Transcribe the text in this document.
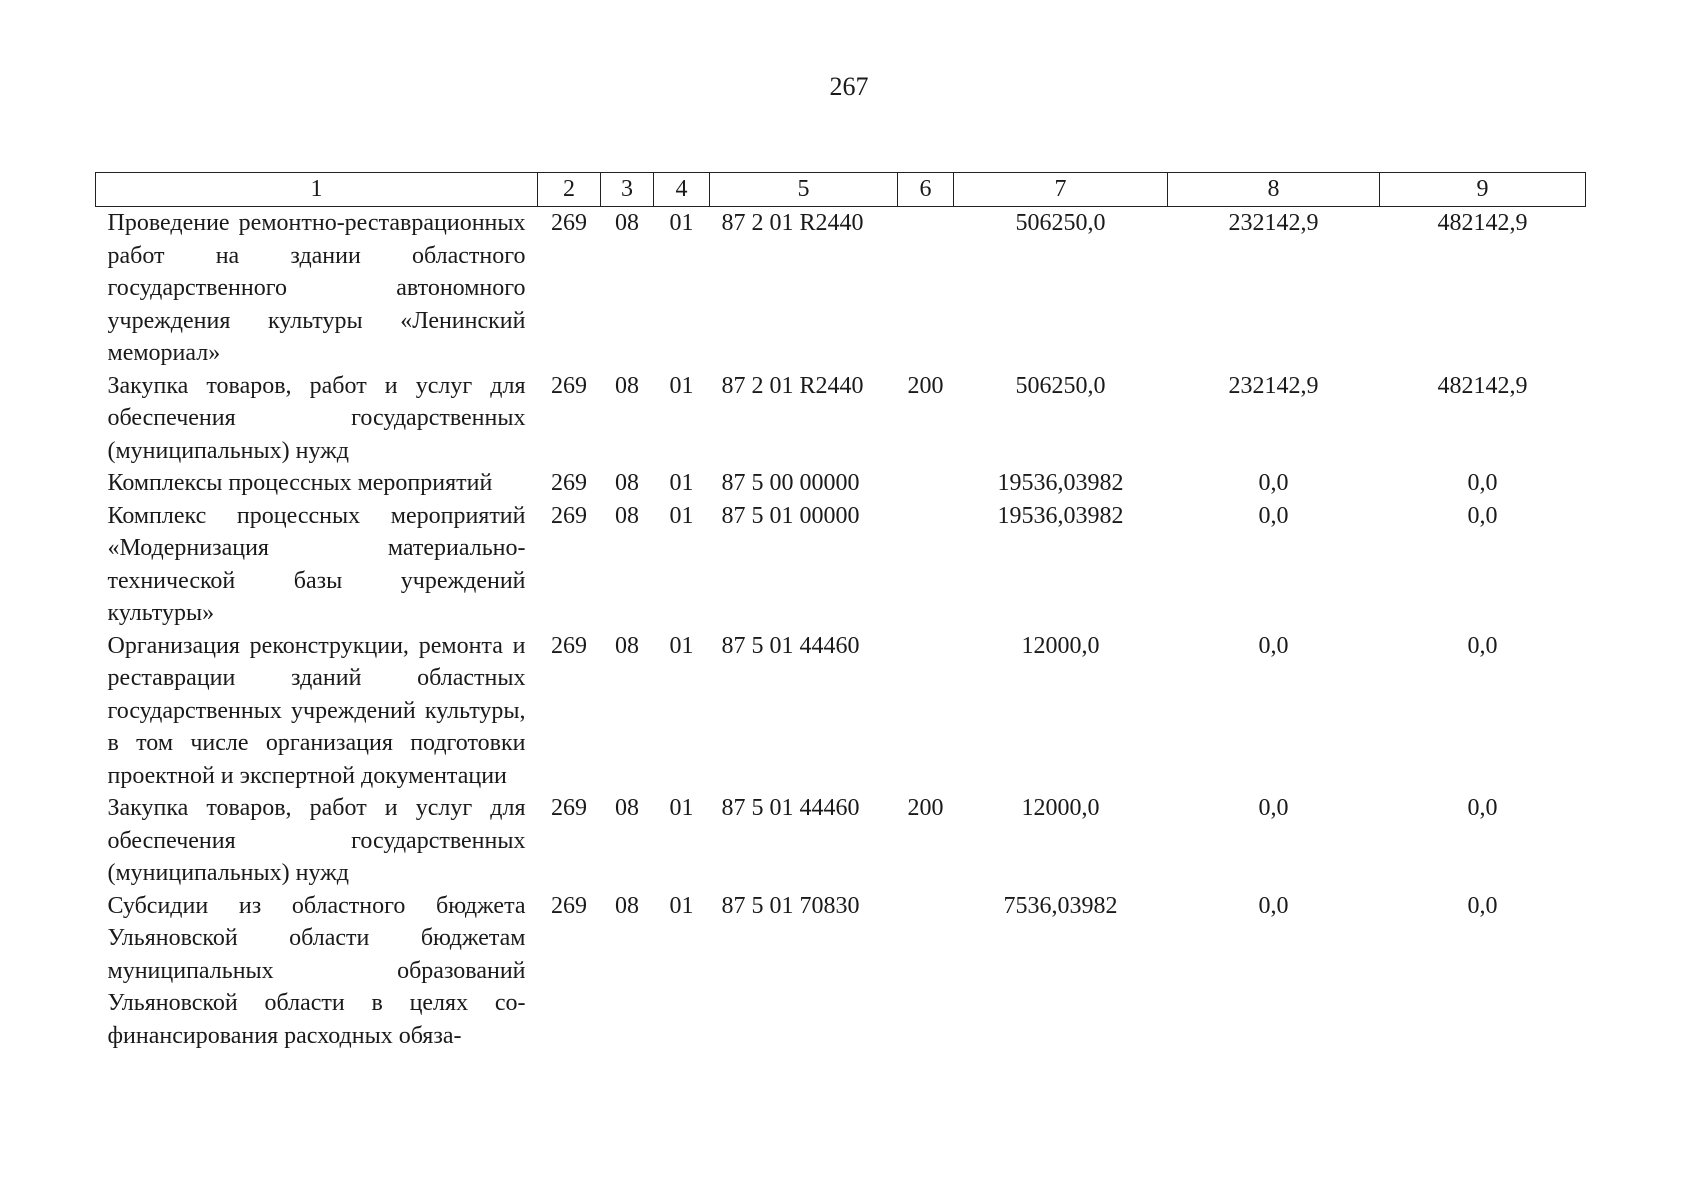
267
1	2	3	4	5	6	7	8	9
Проведение ремонтно-реставрационных работ на здании областного государственного автономного учреждения культуры «Ленинский мемориал»	269	08	01	87 2 01 R2440		506250,0	232142,9	482142,9
Закупка товаров, работ и услуг для обеспечения государственных (муниципальных) нужд	269	08	01	87 2 01 R2440	200	506250,0	232142,9	482142,9
Комплексы процессных мероприятий	269	08	01	87 5 00 00000		19536,03982	0,0	0,0
Комплекс процессных мероприятий «Модернизация материально-технической базы учреждений культуры»	269	08	01	87 5 01 00000		19536,03982	0,0	0,0
Организация реконструкции, ремонта и реставрации зданий областных государственных учреждений культуры, в том числе организация подготовки проектной и экспертной документации	269	08	01	87 5 01 44460		12000,0	0,0	0,0
Закупка товаров, работ и услуг для обеспечения государственных (муниципальных) нужд	269	08	01	87 5 01 44460	200	12000,0	0,0	0,0
Субсидии из областного бюджета Ульяновской области бюджетам муниципальных образований Ульяновской области в целях софинансирования расходных обяза-	269	08	01	87 5 01 70830		7536,03982	0,0	0,0
